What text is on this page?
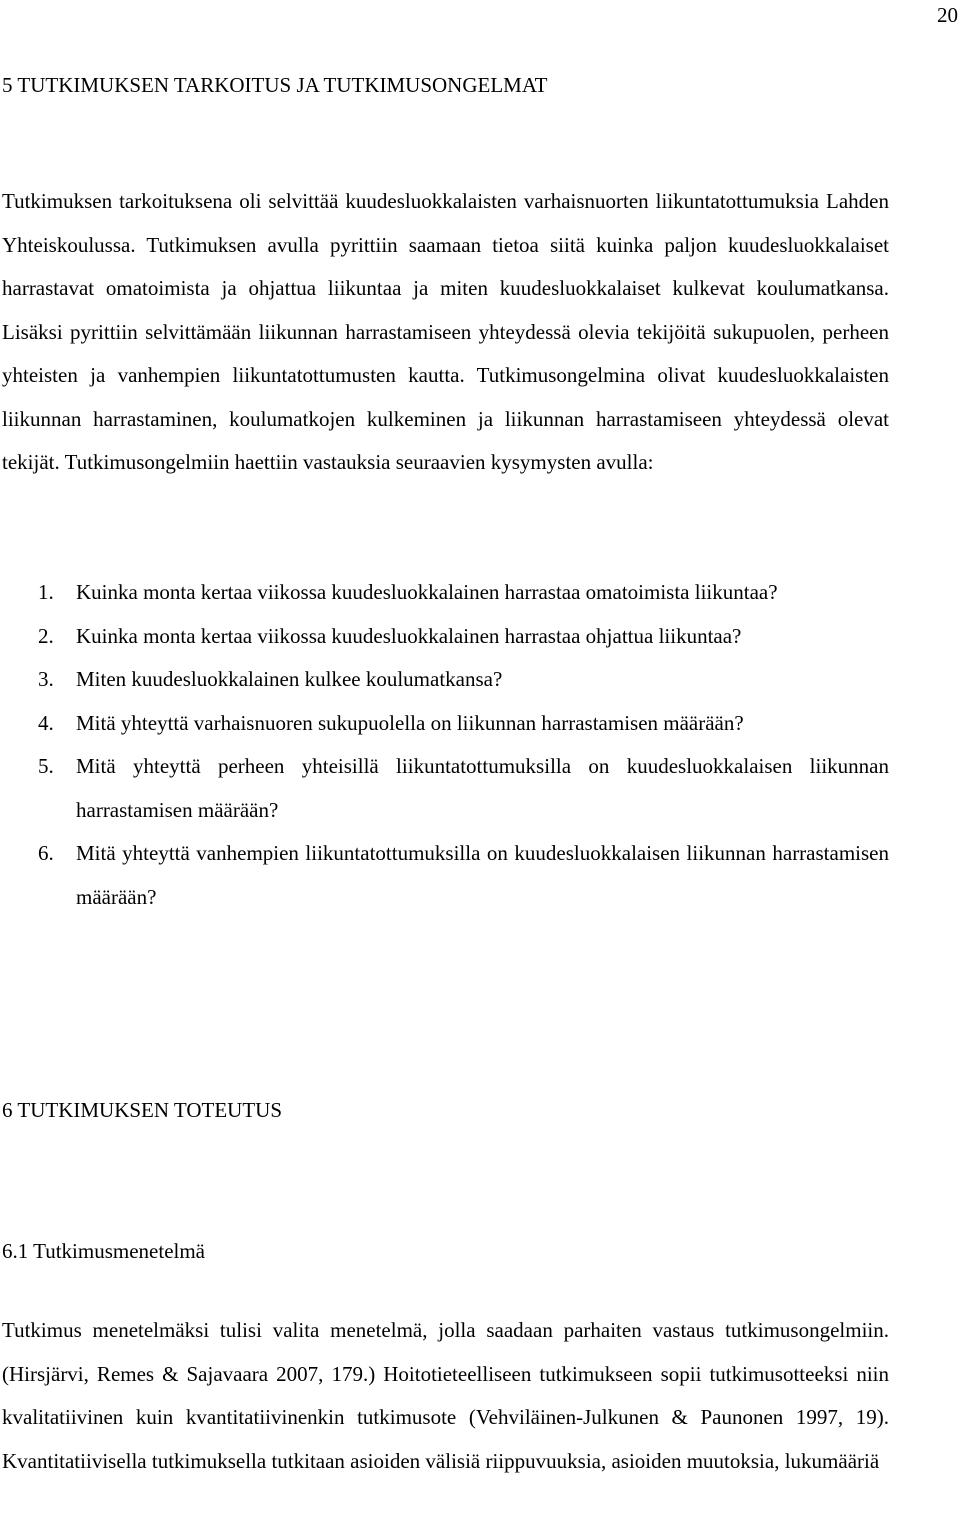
20
5 TUTKIMUKSEN TARKOITUS JA TUTKIMUSONGELMAT

Tutkimuksen tarkoituksena oli selvittää kuudesluokkalaisten varhaisnuorten liikuntatottumuksia Lahden Yhteiskoulussa. Tutkimuksen avulla pyrittiin saamaan tietoa siitä kuinka paljon kuudesluokkalaiset harrastavat omatoimista ja ohjattua liikuntaa ja miten kuudesluokkalaiset kulkevat koulumatkansa. Lisäksi pyrittiin selvittämään liikunnan harrastamiseen yhteydessä olevia tekijöitä sukupuolen, perheen yhteisten ja vanhempien liikuntatottumusten kautta. Tutkimusongelmina olivat kuudesluokkalaisten liikunnan harrastaminen, koulumatkojen kulkeminen ja liikunnan harrastamiseen yhteydessä olevat tekijät. Tutkimusongelmiin haettiin vastauksia seuraavien kysymysten avulla:

1. Kuinka monta kertaa viikossa kuudesluokkalainen harrastaa omatoimista liikuntaa?
2. Kuinka monta kertaa viikossa kuudesluokkalainen harrastaa ohjattua liikuntaa?
3. Miten kuudesluokkalainen kulkee koulumatkansa?
4. Mitä yhteyttä varhaisnuoren sukupuolella on liikunnan harrastamisen määrään?
5. Mitä yhteyttä perheen yhteisillä liikuntatottumuksilla on kuudesluokkalaisen liikunnan harrastamisen määrään?
6. Mitä yhteyttä vanhempien liikuntatottumuksilla on kuudesluokkalaisen liikunnan harrastamisen määrään?
6 TUTKIMUKSEN TOTEUTUS
6.1 Tutkimusmenetelmä

Tutkimus menetelmäksi tulisi valita menetelmä, jolla saadaan parhaiten vastaus tutkimusongelmiin. (Hirsjärvi, Remes & Sajavaara 2007, 179.) Hoitotieteelliseen tutkimukseen sopii tutkimusotteeksi niin kvalitatiivinen kuin kvantitatiivinenkin tutkimusote (Vehviläinen-Julkunen & Paunonen 1997, 19). Kvantitatiivisella tutkimuksella tutkitaan asioiden välisiä riippuvuuksia, asioiden muutoksia, lukumääriä
